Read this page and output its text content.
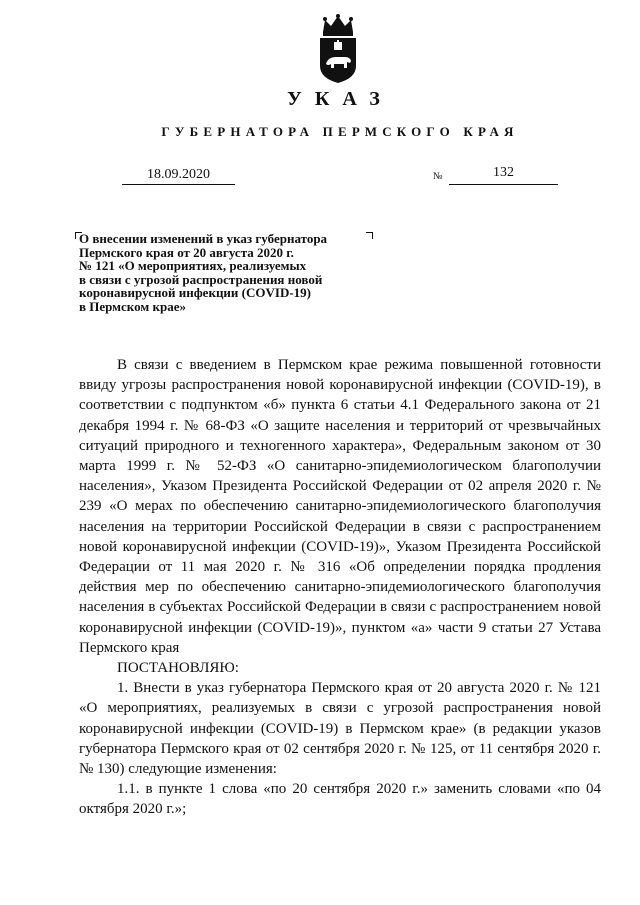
УКАЗ
ГУБЕРНАТОРА ПЕРМСКОГО КРАЯ
18.09.2020	№	132
О внесении изменений в указ губернатора
Пермского края от 20 августа 2020 г.
№ 121 «О мероприятиях, реализуемых
в связи с угрозой распространения новой
коронавирусной инфекции (COVID-19)
в Пермском крае»

В связи с введением в Пермском крае режима повышенной готовности ввиду угрозы распространения новой коронавирусной инфекции (COVID-19), в соответствии с подпунктом «б» пункта 6 статьи 4.1 Федерального закона от 21 декабря 1994 г. № 68-ФЗ «О защите населения и территорий от чрезвычайных ситуаций природного и техногенного характера», Федеральным законом от 30 марта 1999 г. № 52-ФЗ «О санитарно-эпидемиологическом благополучии населения», Указом Президента Российской Федерации от 02 апреля 2020 г. № 239 «О мерах по обеспечению санитарно-эпидемиологического благополучия населения на территории Российской Федерации в связи с распространением новой коронавирусной инфекции (COVID-19)», Указом Президента Российской Федерации от 11 мая 2020 г. № 316 «Об определении порядка продления действия мер по обеспечению санитарно-эпидемиологического благополучия населения в субъектах Российской Федерации в связи с распространением новой коронавирусной инфекции (COVID-19)», пунктом «а» части 9 статьи 27 Устава Пермского края

ПОСТАНОВЛЯЮ:

1. Внести в указ губернатора Пермского края от 20 августа 2020 г. № 121 «О мероприятиях, реализуемых в связи с угрозой распространения новой коронавирусной инфекции (COVID-19) в Пермском крае» (в редакции указов губернатора Пермского края от 02 сентября 2020 г. № 125, от 11 сентября 2020 г. № 130) следующие изменения:

1.1. в пункте 1 слова «по 20 сентября 2020 г.» заменить словами «по 04 октября 2020 г.»;
